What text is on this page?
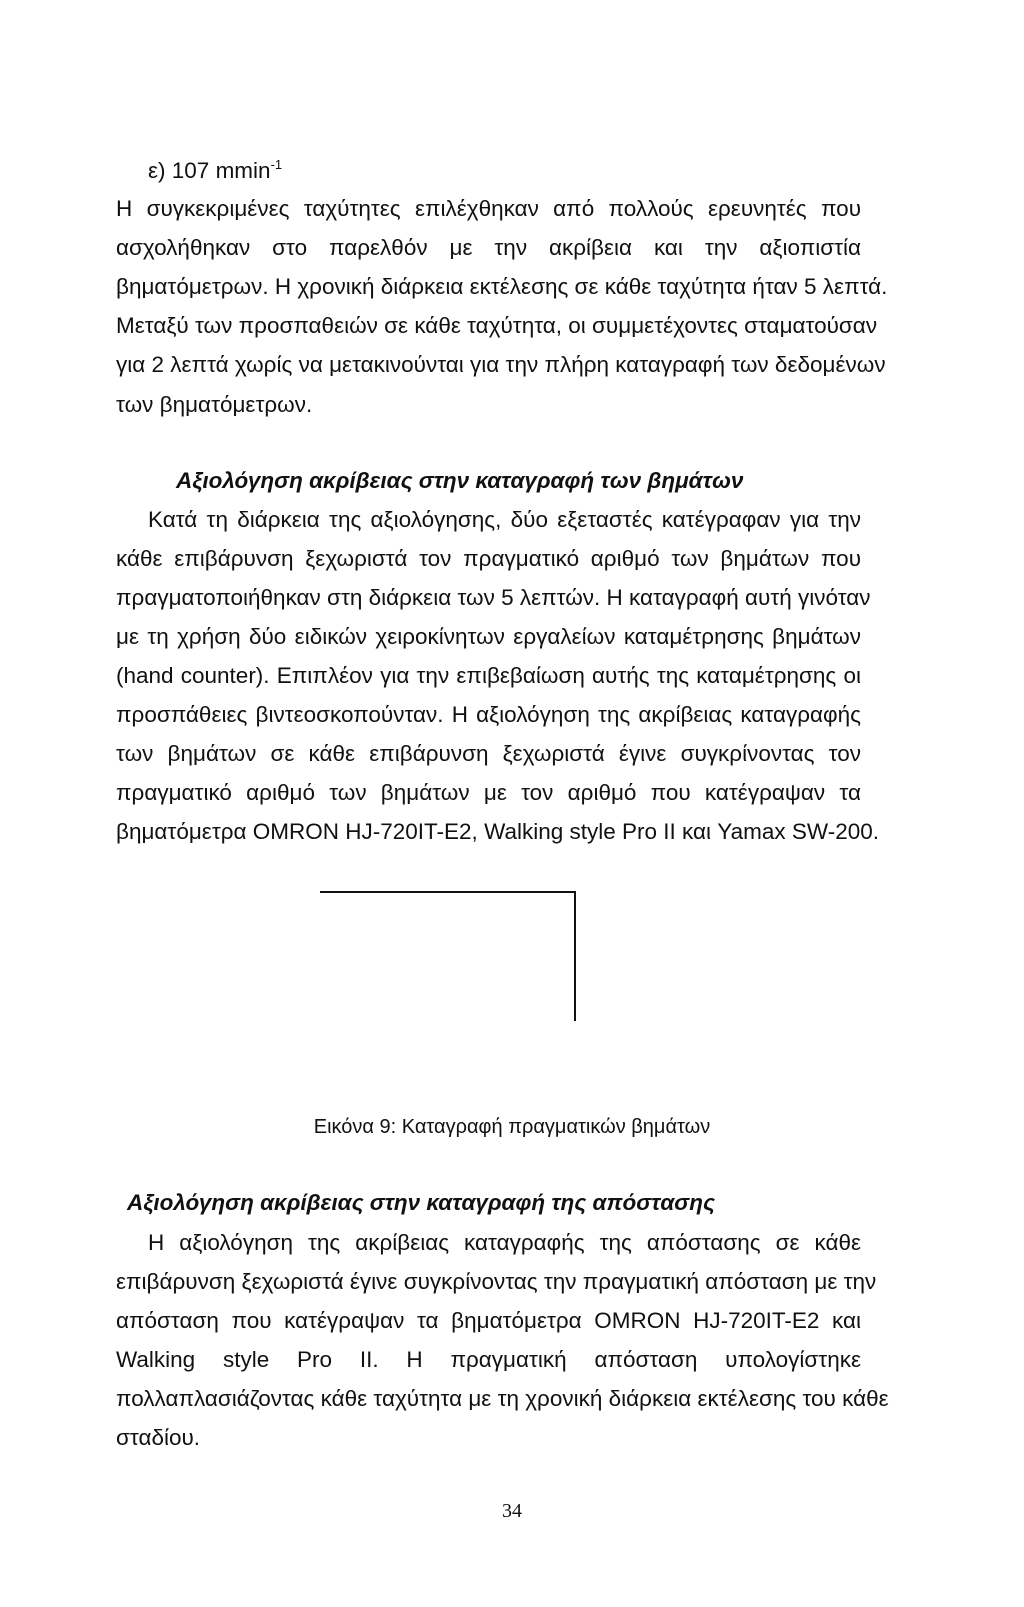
ε) 107 mmin$^{-1}$
Η συγκεκριμένες ταχύτητες επιλέχθηκαν από πολλούς ερευνητές που
ασχολήθηκαν στο παρελθόν με την ακρίβεια και την αξιοπιστία
βηματόμετρων. Η χρονική διάρκεια εκτέλεσης σε κάθε ταχύτητα ήταν 5 λεπτά.
Μεταξύ των προσπαθειών σε κάθε ταχύτητα, οι συμμετέχοντες σταματούσαν
για 2 λεπτά χωρίς να μετακινούνται για την πλήρη καταγραφή των δεδομένων
των βηματόμετρων.
Αξιολόγηση ακρίβειας στην καταγραφή των βημάτων
Κατά τη διάρκεια της αξιολόγησης, δύο εξεταστές κατέγραφαν για την
κάθε επιβάρυνση ξεχωριστά τον πραγματικό αριθμό των βημάτων που
πραγματοποιήθηκαν στη διάρκεια των 5 λεπτών. Η καταγραφή αυτή γινόταν
με τη χρήση δύο ειδικών χειροκίνητων εργαλείων καταμέτρησης βημάτων
(hand counter). Επιπλέον για την επιβεβαίωση αυτής της καταμέτρησης οι
προσπάθειες βιντεοσκοπούνταν. Η αξιολόγηση της ακρίβειας καταγραφής
των βημάτων σε κάθε επιβάρυνση ξεχωριστά έγινε συγκρίνοντας τον
πραγματικό αριθμό των βημάτων με τον αριθμό που κατέγραψαν τα
βηματόμετρα OMRON HJ-720IT-E2, Walking style Pro II και Yamax SW-200.
Εικόνα 9: Καταγραφή πραγματικών βημάτων
Αξιολόγηση ακρίβειας στην καταγραφή της απόστασης
Η αξιολόγηση της ακρίβειας καταγραφής της απόστασης σε κάθε
επιβάρυνση ξεχωριστά έγινε συγκρίνοντας την πραγματική απόσταση με την
απόσταση που κατέγραψαν τα βηματόμετρα OMRON HJ-720IT-E2 και
Walking style Pro II. Η πραγματική απόσταση υπολογίστηκε
πολλαπλασιάζοντας κάθε ταχύτητα με τη χρονική διάρκεια εκτέλεσης του κάθε
σταδίου.
34
